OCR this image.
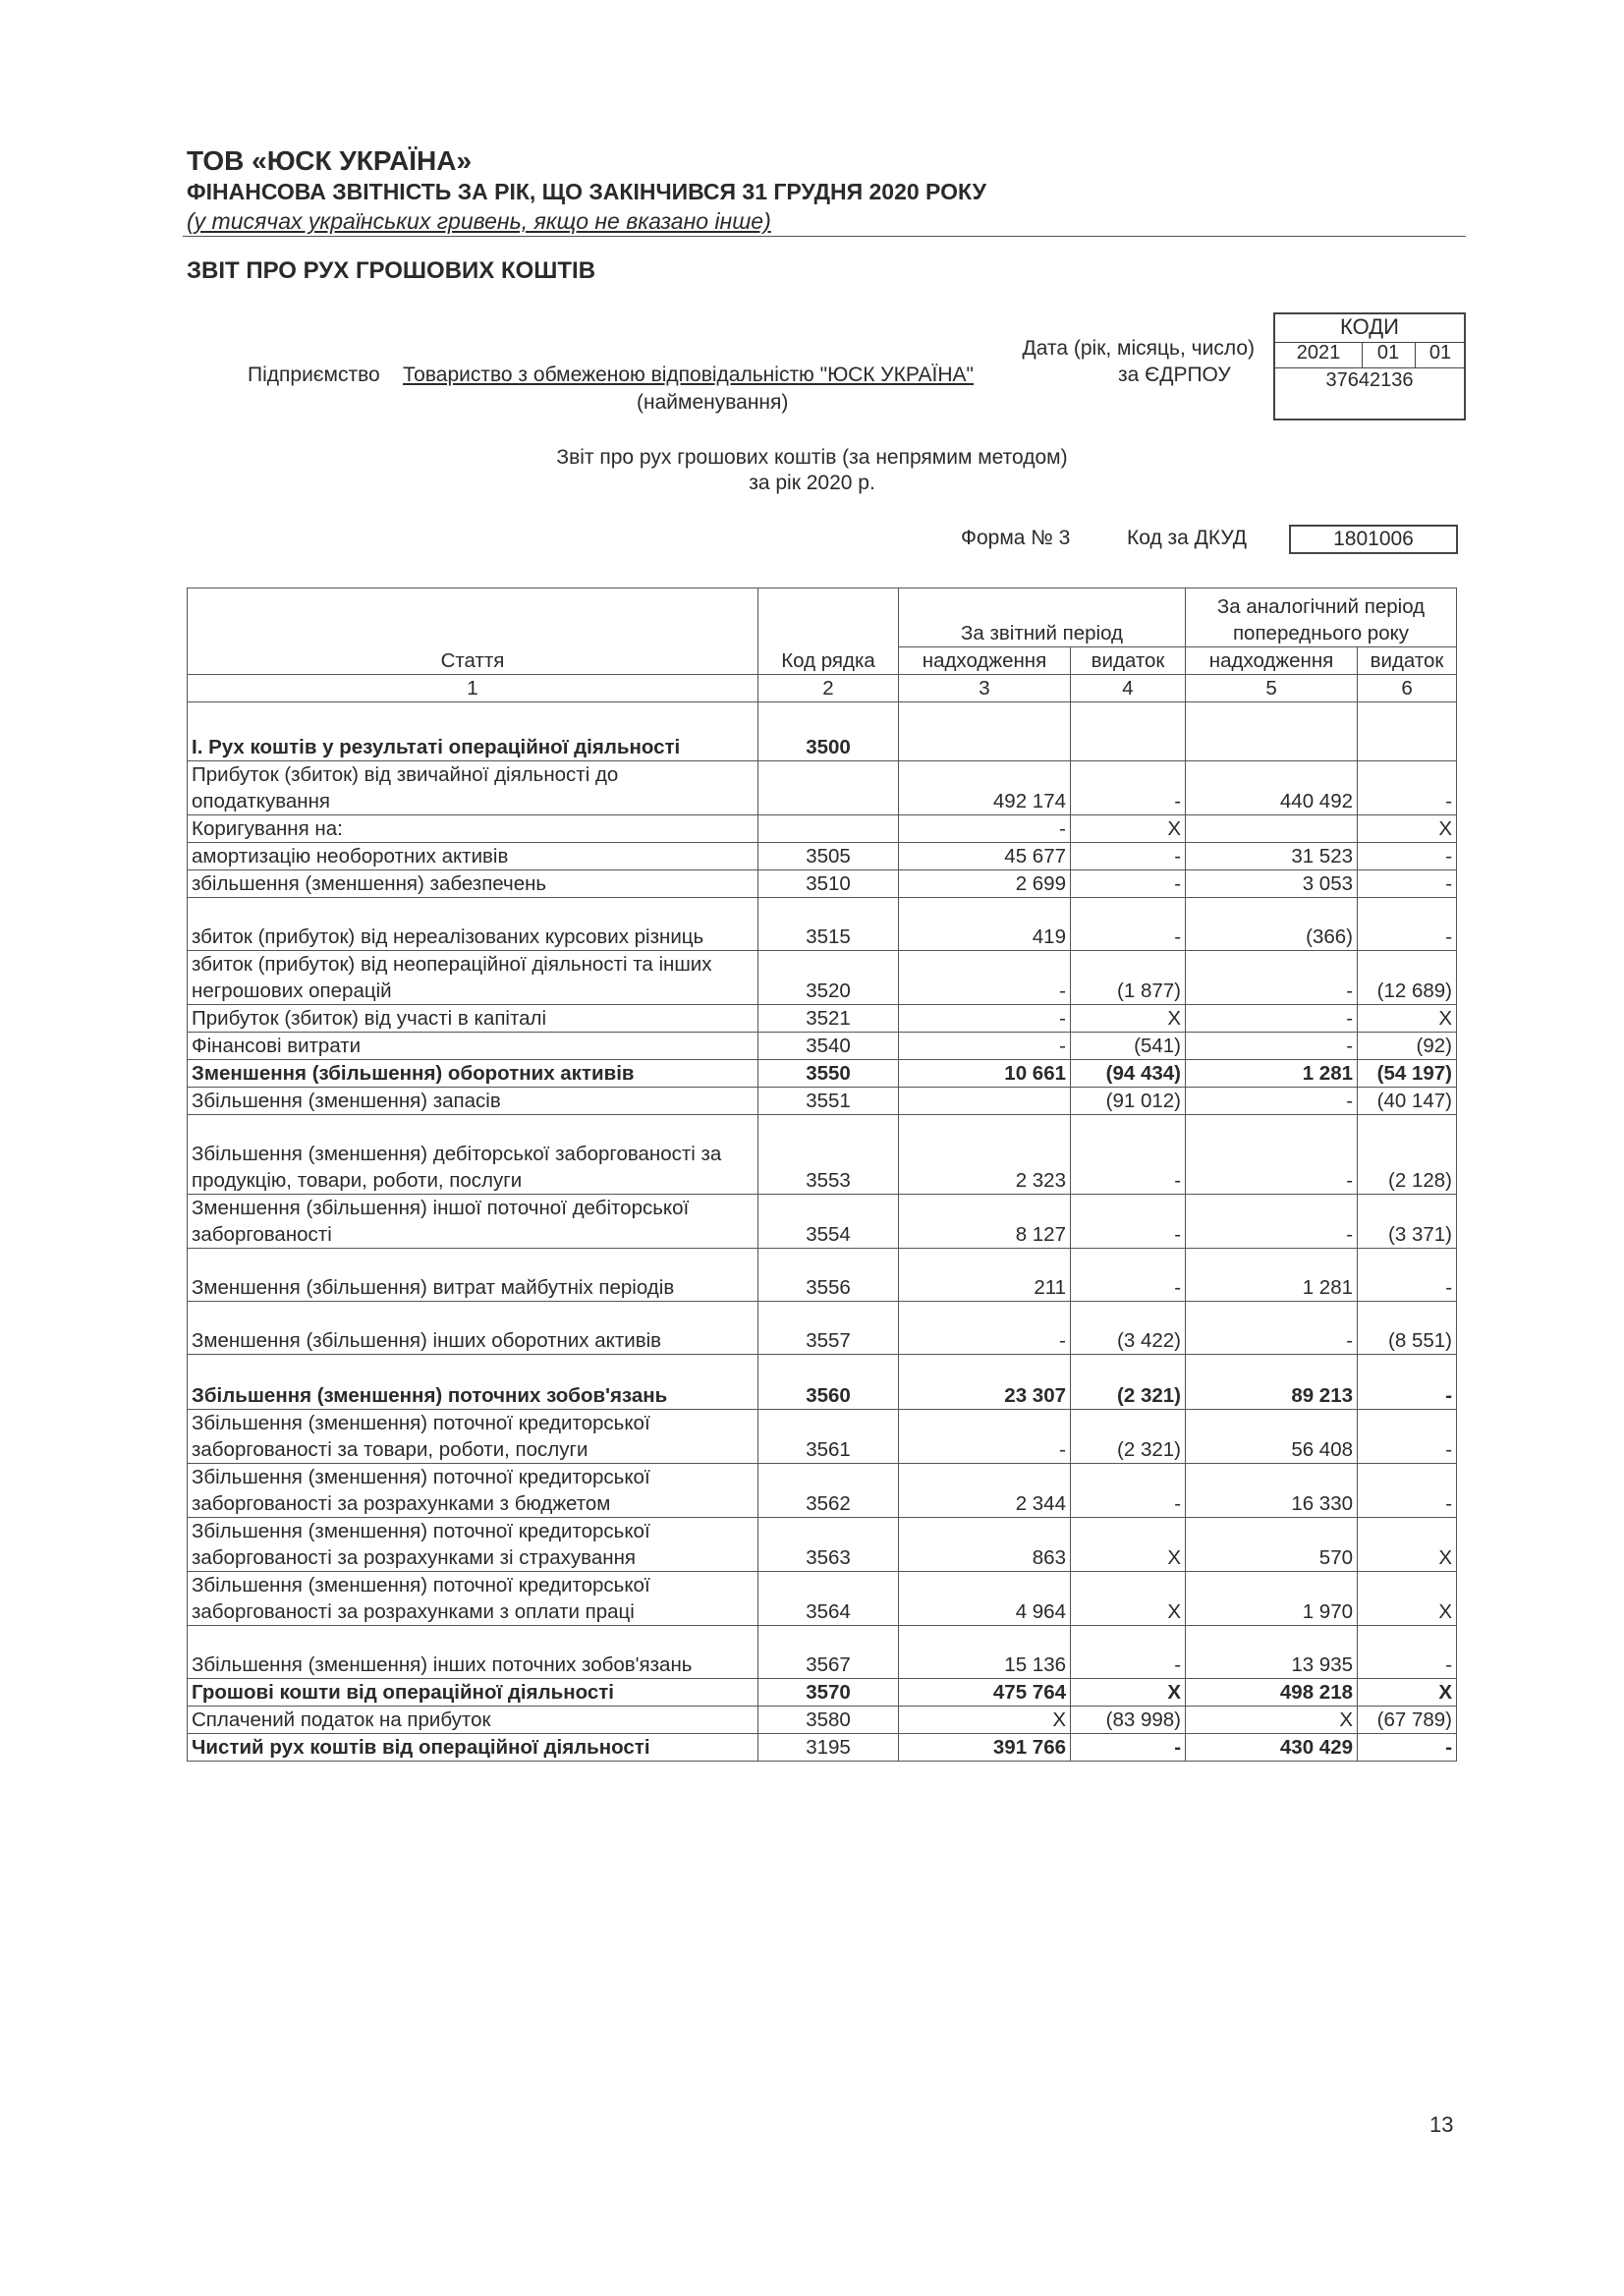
ТОВ «ЮСК УКРАЇНА»
ФІНАНСОВА ЗВІТНІСТЬ ЗА РІК, ЩО ЗАКІНЧИВСЯ 31 ГРУДНЯ 2020 РОКУ
(у тисячах українських гривень, якщо не вказано інше)
ЗВІТ ПРО РУХ ГРОШОВИХ КОШТІВ
КОДИ
2021	01	01
37642136
Дата (рік, місяць, число)
Підприємство Товариство з обмеженою відповідальністю "ЮСК УКРАЇНА"	за ЄДРПОУ
(найменування)
Звіт про рух грошових коштів (за непрямим методом)
за рік 2020 р.
Форма № 3	Код за ДКУД	1801006
Стаття	Код рядка	За звітний період		За аналогічний період попереднього року	
		надходження	видаток	надходження	видаток
1	2	3	4	5	6
I. Рух коштів у результаті операційної діяльності	3500				
Прибуток (збиток) від звичайної діяльності до оподаткування		492 174	-	440 492	-
Коригування на:		-	X		X
амортизацію необоротних активів	3505	45 677	-	31 523	-
збільшення (зменшення) забезпечень	3510	2 699	-	3 053	-
збиток (прибуток) від нереалізованих курсових різниць	3515	419	-	(366)	-
збиток (прибуток) від неопераційної діяльності та інших негрошових операцій	3520	-	(1 877)	-	(12 689)
Прибуток (збиток) від участі в капіталі	3521	-	X	-	X
Фінансові витрати	3540	-	(541)	-	(92)
Зменшення (збільшення) оборотних активів	3550	10 661	(94 434)	1 281	(54 197)
Збільшення (зменшення) запасів	3551		(91 012)	-	(40 147)
Збільшення (зменшення) дебіторської заборгованості за продукцію, товари, роботи, послуги	3553	2 323	-	-	(2 128)
Зменшення (збільшення) іншої поточної дебіторської заборгованості	3554	8 127	-	-	(3 371)
Зменшення (збільшення) витрат майбутніх періодів	3556	211	-	1 281	-
Зменшення (збільшення) інших оборотних активів	3557	-	(3 422)	-	(8 551)
Збільшення (зменшення) поточних зобов'язань	3560	23 307	(2 321)	89 213	-
Збільшення (зменшення) поточної кредиторської заборгованості за товари, роботи, послуги	3561	-	(2 321)	56 408	-
Збільшення (зменшення) поточної кредиторської заборгованості за розрахунками з бюджетом	3562	2 344	-	16 330	-
Збільшення (зменшення) поточної кредиторської заборгованості за розрахунками зі страхування	3563	863	X	570	X
Збільшення (зменшення) поточної кредиторської заборгованості за розрахунками з оплати праці	3564	4 964	X	1 970	X
Збільшення (зменшення) інших поточних зобов'язань	3567	15 136	-	13 935	-
Грошові кошти від операційної діяльності	3570	475 764	X	498 218	X
Сплачений податок на прибуток	3580	X	(83 998)	X	(67 789)
Чистий рух коштів від операційної діяльності	3195	391 766	-	430 429	-
13
